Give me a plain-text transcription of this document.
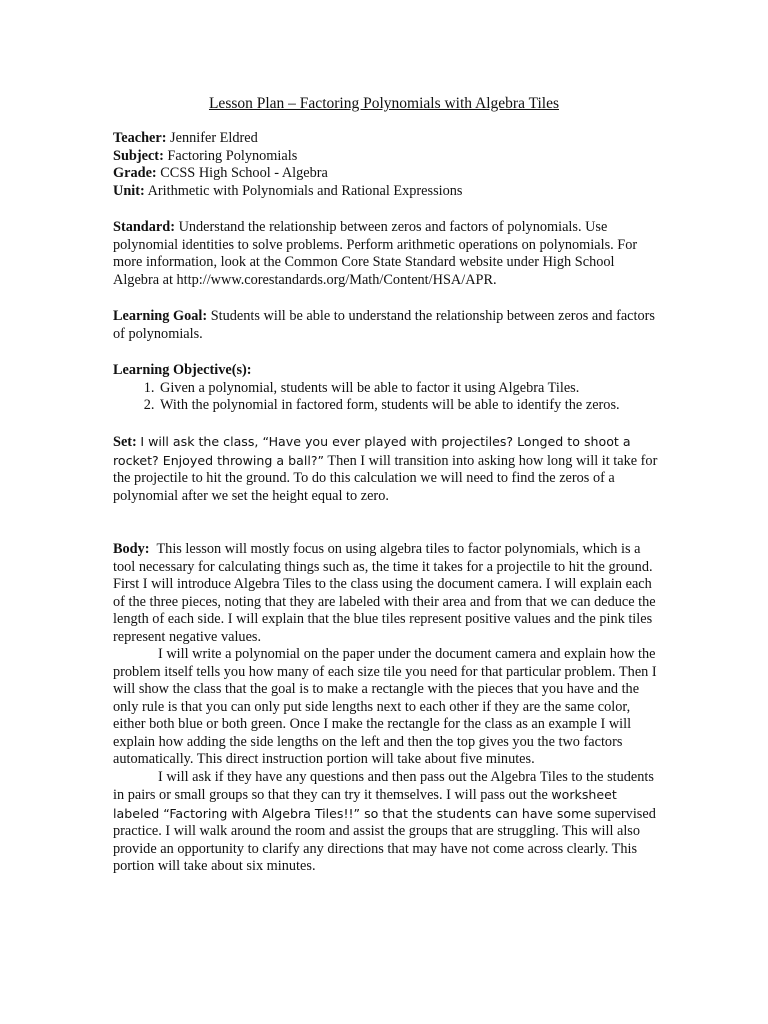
Lesson Plan – Factoring Polynomials with Algebra Tiles
Teacher: Jennifer Eldred
Subject: Factoring Polynomials
Grade: CCSS High School - Algebra
Unit: Arithmetic with Polynomials and Rational Expressions
Standard: Understand the relationship between zeros and factors of polynomials. Use polynomial identities to solve problems. Perform arithmetic operations on polynomials. For more information, look at the Common Core State Standard website under High School Algebra at http://www.corestandards.org/Math/Content/HSA/APR.
Learning Goal: Students will be able to understand the relationship between zeros and factors of polynomials.
Learning Objective(s):
1. Given a polynomial, students will be able to factor it using Algebra Tiles.
2. With the polynomial in factored form, students will be able to identify the zeros.
Set: I will ask the class, “Have you ever played with projectiles? Longed to shoot a rocket? Enjoyed throwing a ball?” Then I will transition into asking how long will it take for the projectile to hit the ground. To do this calculation we will need to find the zeros of a polynomial after we set the height equal to zero.

Body: This lesson will mostly focus on using algebra tiles to factor polynomials, which is a tool necessary for calculating things such as, the time it takes for a projectile to hit the ground. First I will introduce Algebra Tiles to the class using the document camera. I will explain each of the three pieces, noting that they are labeled with their area and from that we can deduce the length of each side. I will explain that the blue tiles represent positive values and the pink tiles represent negative values.

I will write a polynomial on the paper under the document camera and explain how the problem itself tells you how many of each size tile you need for that particular problem. Then I will show the class that the goal is to make a rectangle with the pieces that you have and the only rule is that you can only put side lengths next to each other if they are the same color, either both blue or both green. Once I make the rectangle for the class as an example I will explain how adding the side lengths on the left and then the top gives you the two factors automatically. This direct instruction portion will take about five minutes.

I will ask if they have any questions and then pass out the Algebra Tiles to the students in pairs or small groups so that they can try it themselves. I will pass out the worksheet labeled “Factoring with Algebra Tiles!!” so that the students can have some supervised practice. I will walk around the room and assist the groups that are struggling. This will also provide an opportunity to clarify any directions that may have not come across clearly. This portion will take about six minutes.
